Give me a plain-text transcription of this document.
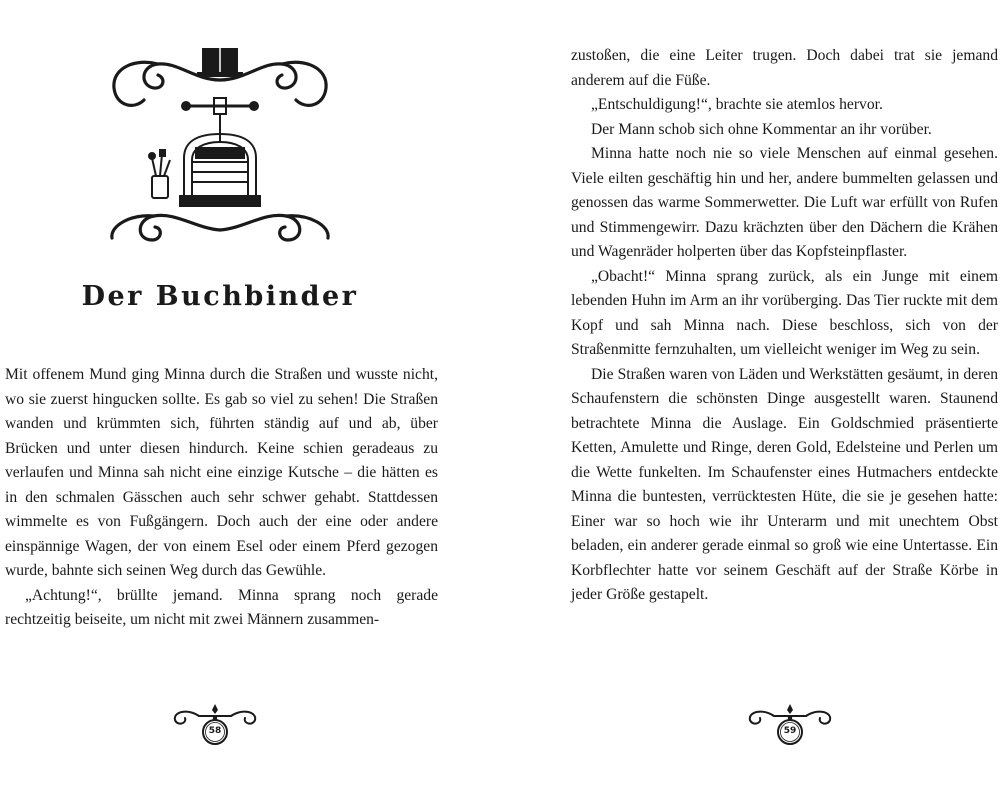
Der Buchbinder

Mit offenem Mund ging Minna durch die Straßen und wusste nicht, wo sie zuerst hingucken sollte. Es gab so viel zu sehen! Die Straßen wanden und krümmten sich, führten ständig auf und ab, über Brücken und unter diesen hindurch. Keine schien geradeaus zu verlaufen und Minna sah nicht eine einzige Kutsche – die hätten es in den schmalen Gässchen auch sehr schwer gehabt. Stattdessen wimmelte es von Fußgängern. Doch auch der eine oder andere einspännige Wagen, der von einem Esel oder einem Pferd gezogen wurde, bahnte sich seinen Weg durch das Gewühle.

„Achtung!“, brüllte jemand. Minna sprang noch gerade rechtzeitig beiseite, um nicht mit zwei Männern zusammen-

58

zustoßen, die eine Leiter trugen. Doch dabei trat sie jemand anderem auf die Füße.

„Entschuldigung!“, brachte sie atemlos hervor.

Der Mann schob sich ohne Kommentar an ihr vorüber.

Minna hatte noch nie so viele Menschen auf einmal gesehen. Viele eilten geschäftig hin und her, andere bummelten gelassen und genossen das warme Sommerwetter. Die Luft war erfüllt von Rufen und Stimmengewirr. Dazu krächzten über den Dächern die Krähen und Wagenräder holperten über das Kopfsteinpflaster.

„Obacht!“ Minna sprang zurück, als ein Junge mit einem lebenden Huhn im Arm an ihr vorüberging. Das Tier ruckte mit dem Kopf und sah Minna nach. Diese beschloss, sich von der Straßenmitte fernzuhalten, um vielleicht weniger im Weg zu sein.

Die Straßen waren von Läden und Werkstätten gesäumt, in deren Schaufenstern die schönsten Dinge ausgestellt waren. Staunend betrachtete Minna die Auslage. Ein Goldschmied präsentierte Ketten, Amulette und Ringe, deren Gold, Edelsteine und Perlen um die Wette funkelten. Im Schaufenster eines Hutmachers entdeckte Minna die buntesten, verrücktesten Hüte, die sie je gesehen hatte: Einer war so hoch wie ihr Unterarm und mit unechtem Obst beladen, ein anderer gerade einmal so groß wie eine Untertasse. Ein Korbflechter hatte vor seinem Geschäft auf der Straße Körbe in jeder Größe gestapelt.

59
